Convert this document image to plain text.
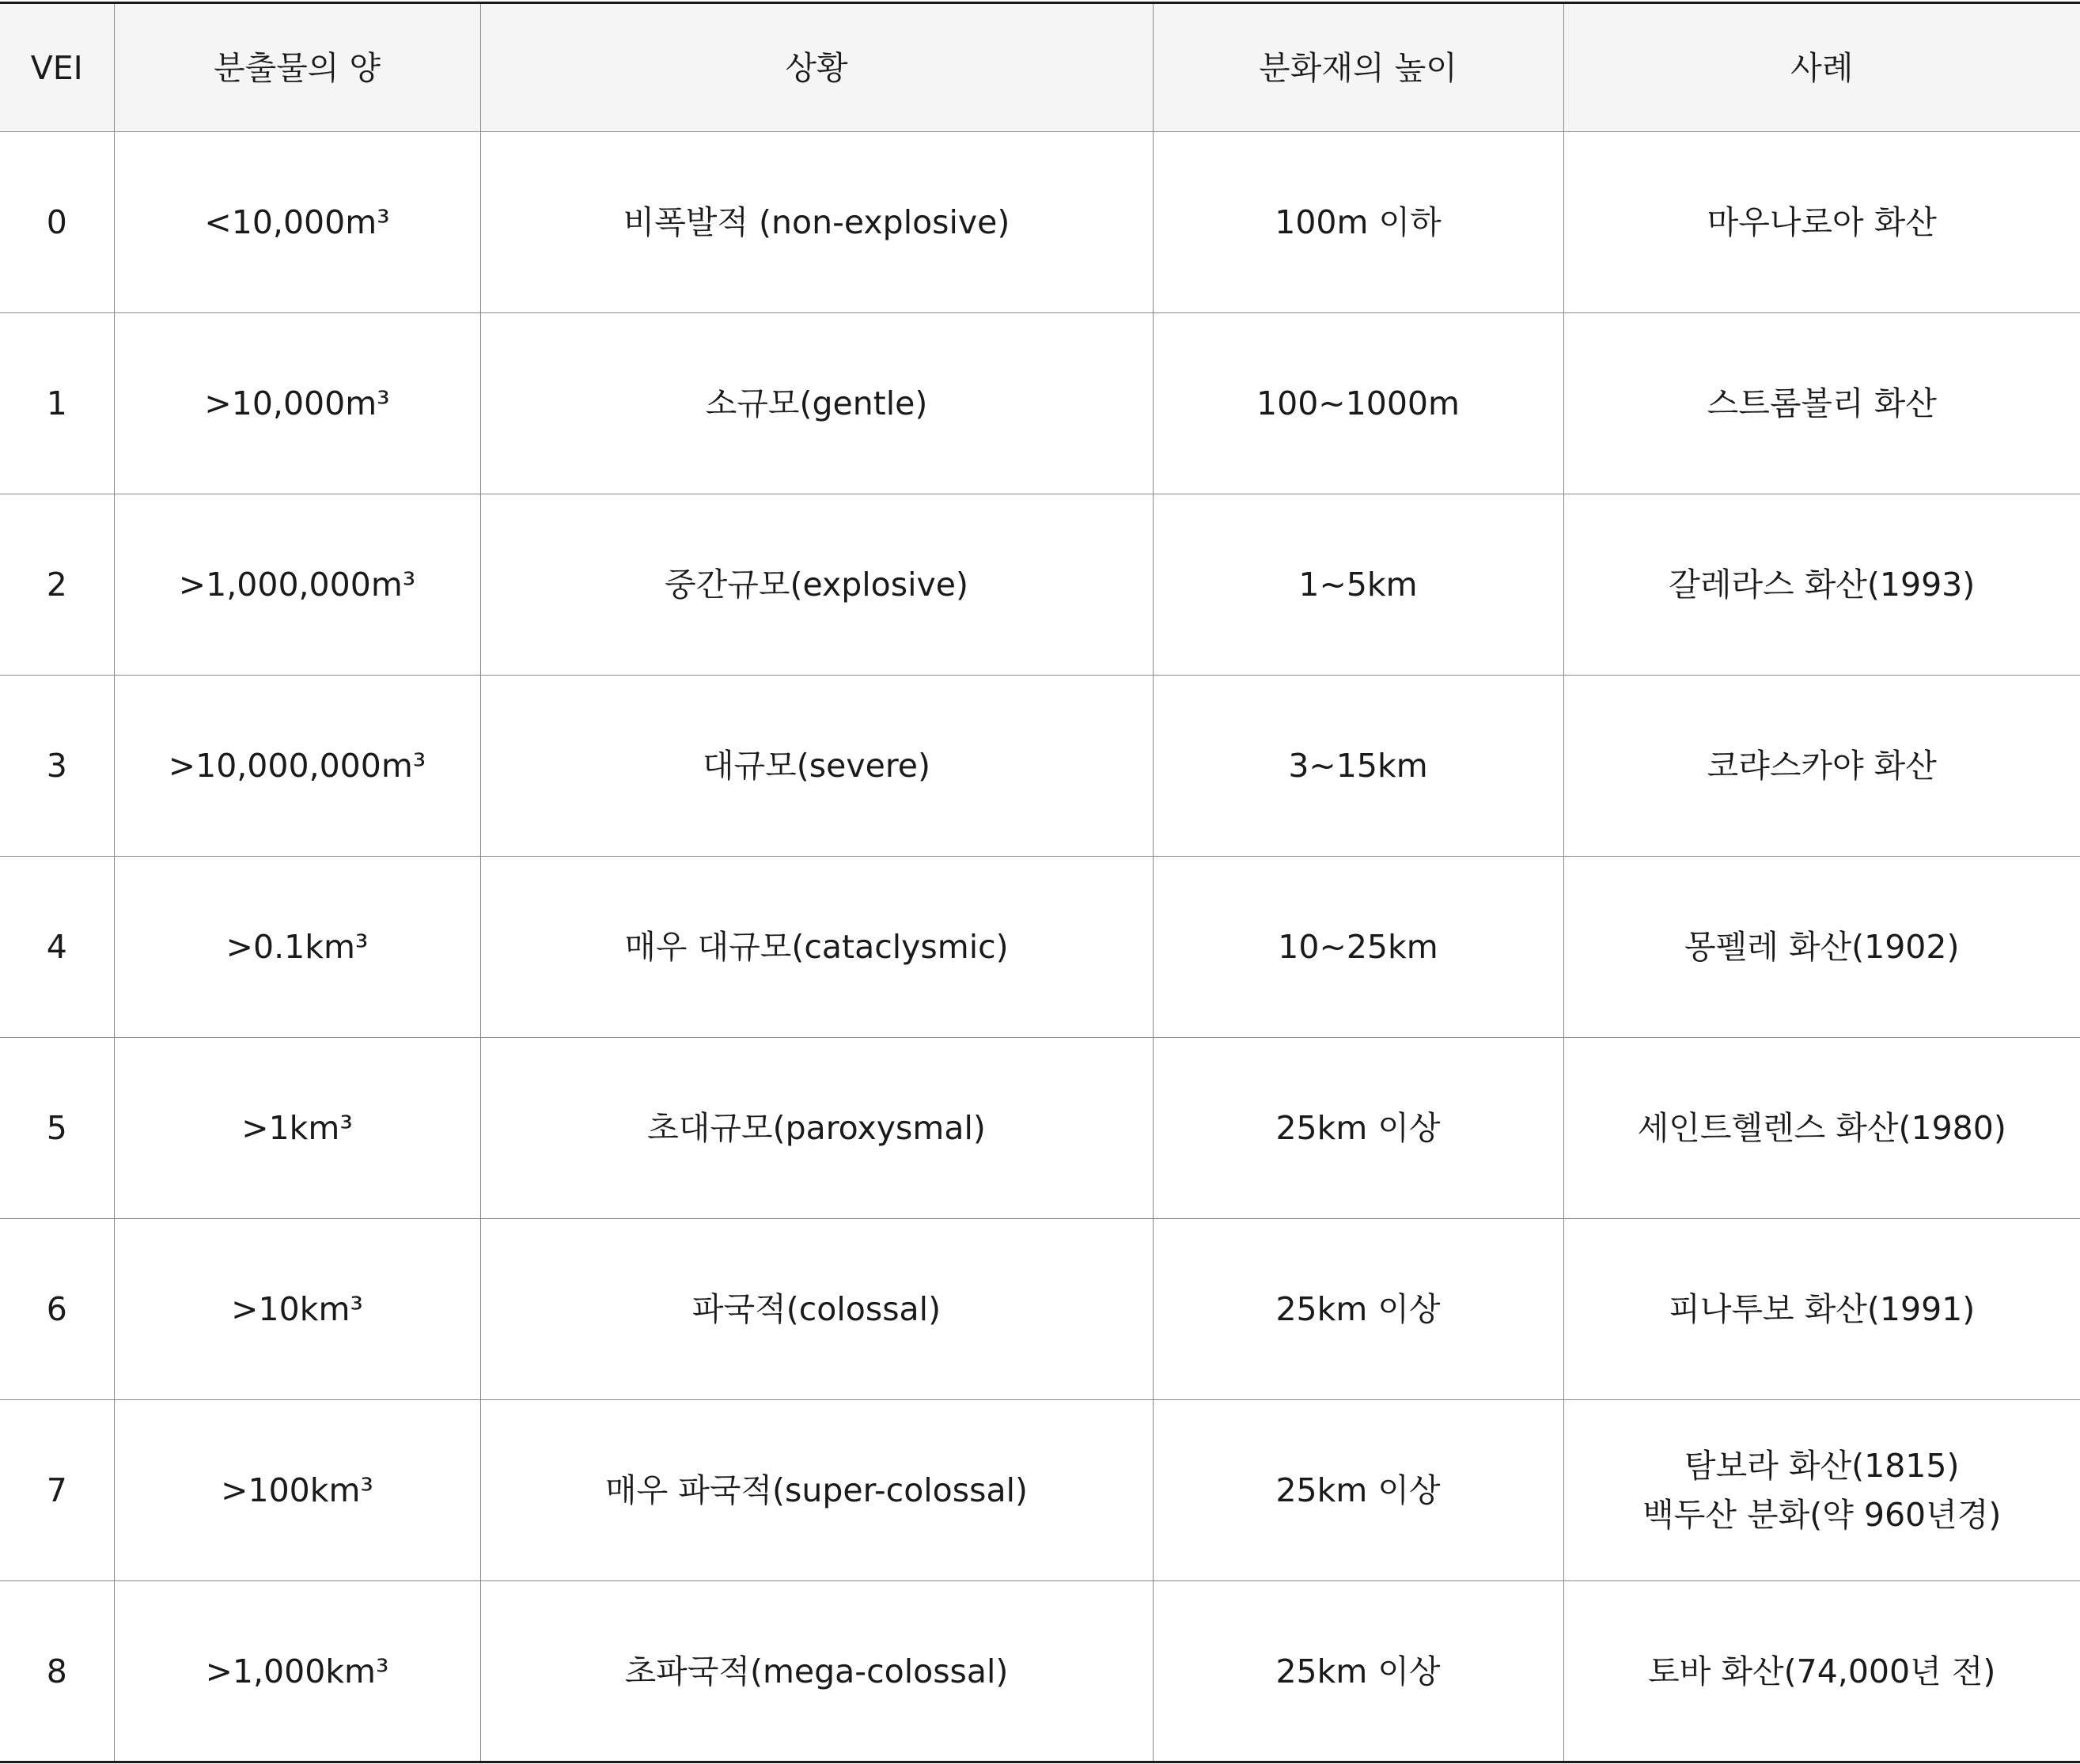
VEI	분출물의 양	상황	분화재의 높이	사례
0	<10,000m³	비폭발적 (non-explosive)	100m 이하	마우나로아 화산

1	>10,000m³	소규모(gentle)	100~1000m	스트롬볼리 화산

2	>1,000,000m³	중간규모(explosive)	1~5km	갈레라스 화산(1993)

3	>10,000,000m³	대규모(severe)	3~15km	코랴스카야 화산

4	>0.1km³	매우 대규모(cataclysmic)	10~25km	몽펠레 화산(1902)

5	>1km³	초대규모(paroxysmal)	25km 이상	세인트헬렌스 화산(1980)

6	>10km³	파국적(colossal)	25km 이상	피나투보 화산(1991)

7	>100km³	매우 파국적(super-colossal)	25km 이상	탐보라 화산(1815)
백두산 분화(약 960년경)

8	>1,000km³	초파국적(mega-colossal)	25km 이상	토바 화산(74,000년 전)
